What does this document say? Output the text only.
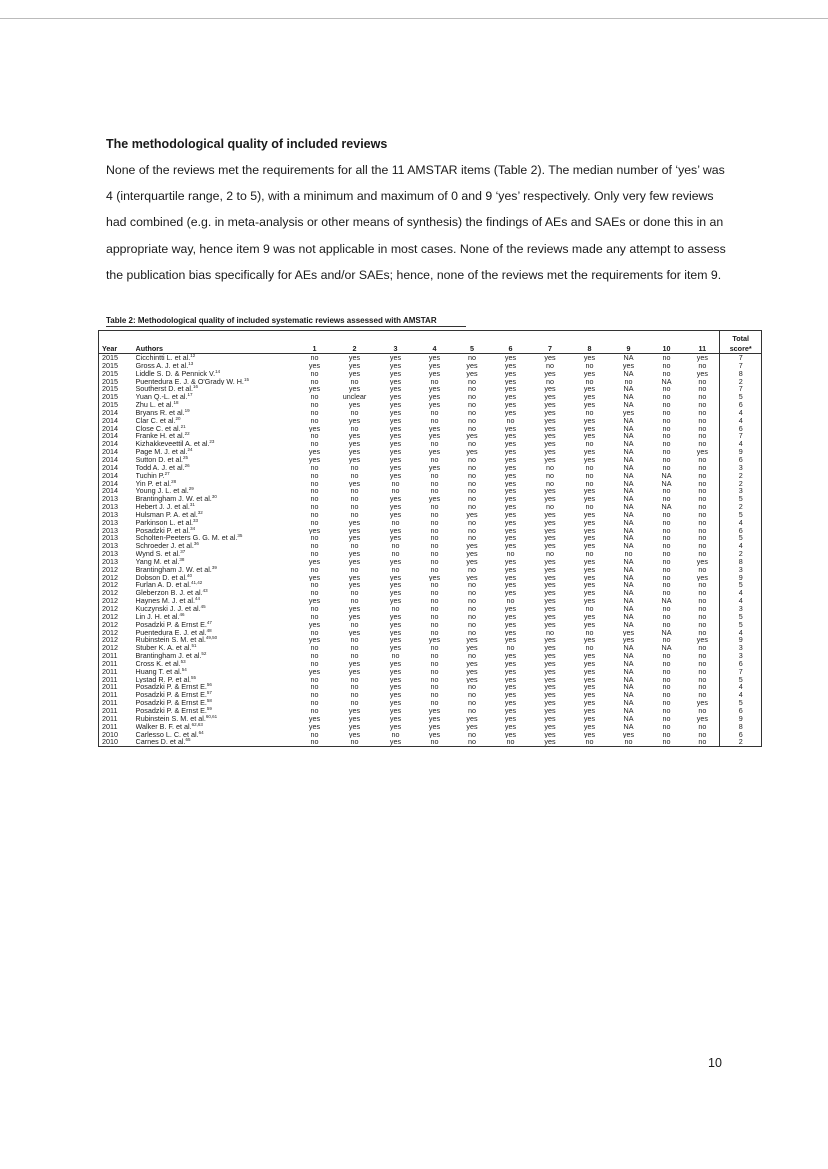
The methodological quality of included reviews
None of the reviews met the requirements for all the 11 AMSTAR items (Table 2). The median number of ‘yes’ was 4 (interquartile range, 2 to 5), with a minimum and maximum of 0 and 9 ‘yes’ respectively. Only very few reviews had combined (e.g. in meta-analysis or other means of synthesis) the findings of AEs and SAEs or done this in an appropriate way, hence item 9 was not applicable in most cases. None of the reviews made any attempt to assess the publication bias specifically for AEs and/or SAEs; hence, none of the reviews met the requirements for item 9.
Table 2: Methodological quality of included systematic reviews assessed with AMSTAR
													Total
Year	Authors	1	2	3	4	5	6	7	8	9	10	11	score*
2015	Cicchintti L. et al.$^{12}$	no	yes	yes	yes	no	yes	yes	yes	NA	no	yes	7
2015	Gross A. J. et al.$^{13}$	yes	yes	yes	yes	yes	yes	no	no	yes	no	no	7
2015	Liddle S. D. & Pennick V.$^{14}$	no	yes	yes	yes	yes	yes	yes	yes	NA	no	yes	8
2015	Puentedura E. J. & O'Grady W. H.$^{15}$	no	no	yes	no	no	yes	no	no	no	NA	no	2
2015	Southerst D. et al.$^{16}$	yes	yes	yes	yes	no	yes	yes	yes	NA	no	no	7
2015	Yuan Q.-L. et al.$^{17}$	no	unclear	yes	yes	no	yes	yes	yes	NA	no	no	5
2015	Zhu L. et al.$^{18}$	no	yes	yes	yes	no	yes	yes	yes	NA	no	no	6
2014	Bryans R. et al.$^{19}$	no	no	yes	no	no	yes	yes	no	yes	no	no	4
2014	Clar C. et al.$^{20}$	no	yes	yes	no	no	no	yes	yes	NA	no	no	4
2014	Close C. et al.$^{21}$	yes	no	yes	yes	no	yes	yes	yes	NA	no	no	6
2014	Franke H. et al.$^{22}$	no	yes	yes	yes	yes	yes	yes	yes	NA	no	no	7
2014	Kizhakkeveettil A. et al.$^{23}$	no	yes	yes	no	no	yes	yes	no	NA	no	no	4
2014	Page M. J. et al.$^{24}$	yes	yes	yes	yes	yes	yes	yes	yes	NA	no	yes	9
2014	Sutton D. et al.$^{25}$	yes	yes	yes	no	no	yes	yes	yes	NA	no	no	6
2014	Todd A. J. et al.$^{26}$	no	no	yes	yes	no	yes	no	no	NA	no	no	3
2014	Tuchin P.$^{27}$	no	no	yes	no	no	yes	no	no	NA	NA	no	2
2014	Yin P. et al.$^{28}$	no	yes	no	no	no	yes	no	no	NA	NA	no	2
2014	Young J. L. et al.$^{29}$	no	no	no	no	no	yes	yes	yes	NA	no	no	3
2013	Brantingham J. W. et al.$^{30}$	no	no	yes	yes	no	yes	yes	yes	NA	no	no	5
2013	Hebert J. J. et al.$^{31}$	no	no	yes	no	no	yes	no	no	NA	NA	no	2
2013	Hulsman P. A. et al.$^{32}$	no	no	yes	no	yes	yes	yes	yes	NA	no	no	5
2013	Parkinson L. et al.$^{33}$	no	yes	no	no	no	yes	yes	yes	NA	no	no	4
2013	Posadzki P. et al.$^{34}$	yes	yes	yes	no	no	yes	yes	yes	NA	no	no	6
2013	Scholten-Peeters G. G. M. et al.$^{35}$	no	yes	yes	no	no	yes	yes	yes	NA	no	no	5
2013	Schroeder J. et al.$^{36}$	no	no	no	no	yes	yes	yes	yes	NA	no	no	4
2013	Wynd S. et al.$^{37}$	no	yes	no	no	yes	no	no	no	no	no	no	2
2013	Yang M. et al.$^{38}$	yes	yes	yes	no	yes	yes	yes	yes	NA	no	yes	8
2012	Brantingham J. W. et al.$^{39}$	no	no	no	no	no	yes	yes	yes	NA	no	no	3
2012	Dobson D. et al.$^{40}$	yes	yes	yes	yes	yes	yes	yes	yes	NA	no	yes	9
2012	Furlan A. D. et al.$^{41,42}$	no	yes	yes	no	no	yes	yes	yes	NA	no	no	5
2012	Gleberzon B. J. et al.$^{43}$	no	no	yes	no	no	yes	yes	yes	NA	no	no	4
2012	Haynes M. J. et al.$^{44}$	yes	no	yes	no	no	no	yes	yes	NA	NA	no	4
2012	Kuczynski J. J. et al.$^{45}$	no	yes	no	no	no	yes	yes	no	NA	no	no	3
2012	Lin J. H. et al.$^{46}$	no	yes	yes	no	no	yes	yes	yes	NA	no	no	5
2012	Posadzki P. & Ernst E.$^{47}$	yes	no	yes	no	no	yes	yes	yes	NA	no	no	5
2012	Puentedura E. J. et al.$^{48}$	no	yes	yes	no	no	yes	no	no	yes	NA	no	4
2012	Rubinstein S. M. et al.$^{49,50}$	yes	no	yes	yes	yes	yes	yes	yes	yes	no	yes	9
2012	Stuber K. A. et al.$^{51}$	no	no	yes	no	yes	no	yes	no	NA	NA	no	3
2011	Brantingham J. et al.$^{52}$	no	no	no	no	no	yes	yes	yes	NA	no	no	3
2011	Cross K. et al.$^{53}$	no	yes	yes	no	yes	yes	yes	yes	NA	no	no	6
2011	Huang T. et al.$^{54}$	yes	yes	yes	no	yes	yes	yes	yes	NA	no	no	7
2011	Lystad R. P. et al.$^{55}$	no	no	yes	no	yes	yes	yes	yes	NA	no	no	5
2011	Posadzki P. & Ernst E.$^{56}$	no	no	yes	no	no	yes	yes	yes	NA	no	no	4
2011	Posadzki P. & Ernst E.$^{57}$	no	no	yes	no	no	yes	yes	yes	NA	no	no	4
2011	Posadzki P. & Ernst E.$^{58}$	no	no	yes	no	no	yes	yes	yes	NA	no	yes	5
2011	Posadzki P. & Ernst E.$^{59}$	no	yes	yes	yes	no	yes	yes	yes	NA	no	no	6
2011	Rubinstein S. M. et al.$^{60,61}$	yes	yes	yes	yes	yes	yes	yes	yes	NA	no	yes	9
2011	Walker B. F. et al.$^{62,63}$	yes	yes	yes	yes	yes	yes	yes	yes	NA	no	no	8
2010	Carlesso L. C. et al.$^{64}$	no	yes	no	yes	no	yes	yes	yes	yes	no	no	6
2010	Carnes D. et al.$^{65}$	no	no	yes	no	no	no	yes	no	no	no	no	2
10
